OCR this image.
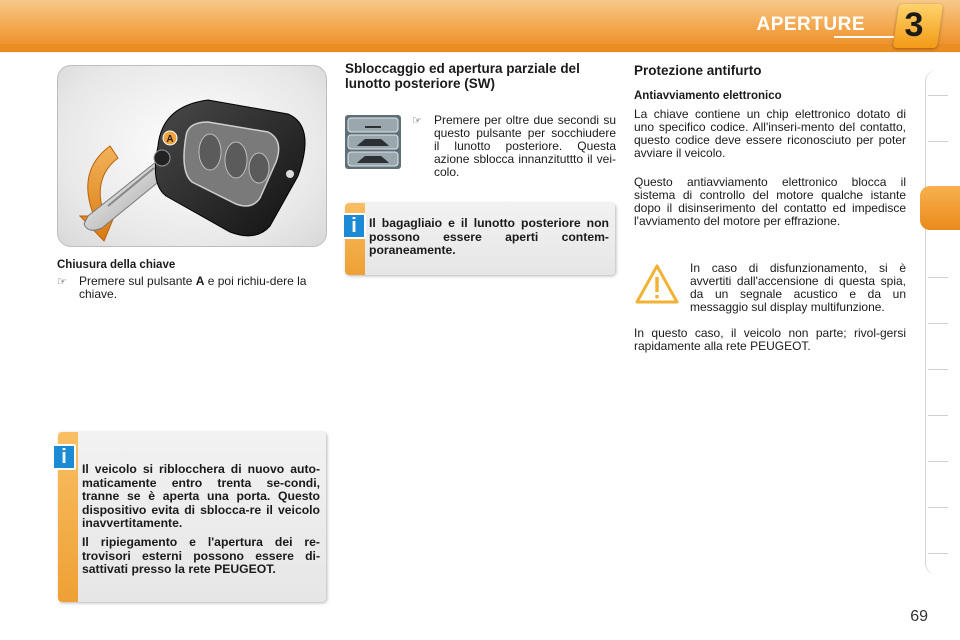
APERTURE 3
A
Chiusura della chiave
☞	Premere sul pulsante A e poi richiu-dere la chiave.
i
Il veicolo si riblocchera di nuovo auto-maticamente entro trenta se-condi, tranne se è aperta una porta. Questo dispositivo evita di sblocca-re il veicolo inavvertitamente.
Il ripiegamento e l'apertura dei re-trovisori esterni possono essere di-sattivati presso la rete PEUGEOT.
Sbloccaggio ed apertura parziale del lunotto posteriore (SW)
☞	Premere per oltre due secondi su questo pulsante per socchiudere il lunotto posteriore. Questa azione sblocca innanzituttto il vei-colo.
i	Il bagagliaio e il lunotto posteriore non possono essere aperti contem-poraneamente.
Protezione antifurto
Antiavviamento elettronico
La chiave contiene un chip elettronico dotato di uno specifico codice. All'inseri-mento del contatto, questo codice deve essere riconosciuto per poter avviare il veicolo.
Questo antiavviamento elettronico blocca il sistema di controllo del motore qualche istante dopo il disinserimento del contatto ed impedisce l'avviamento del motore per effrazione.
In caso di disfunzionamento, si è avvertiti dall'accensione di questa spia, da un segnale acustico e da un messaggio sul display multifunzione.
In questo caso, il veicolo non parte; rivol-gersi rapidamente alla rete PEUGEOT.
69
